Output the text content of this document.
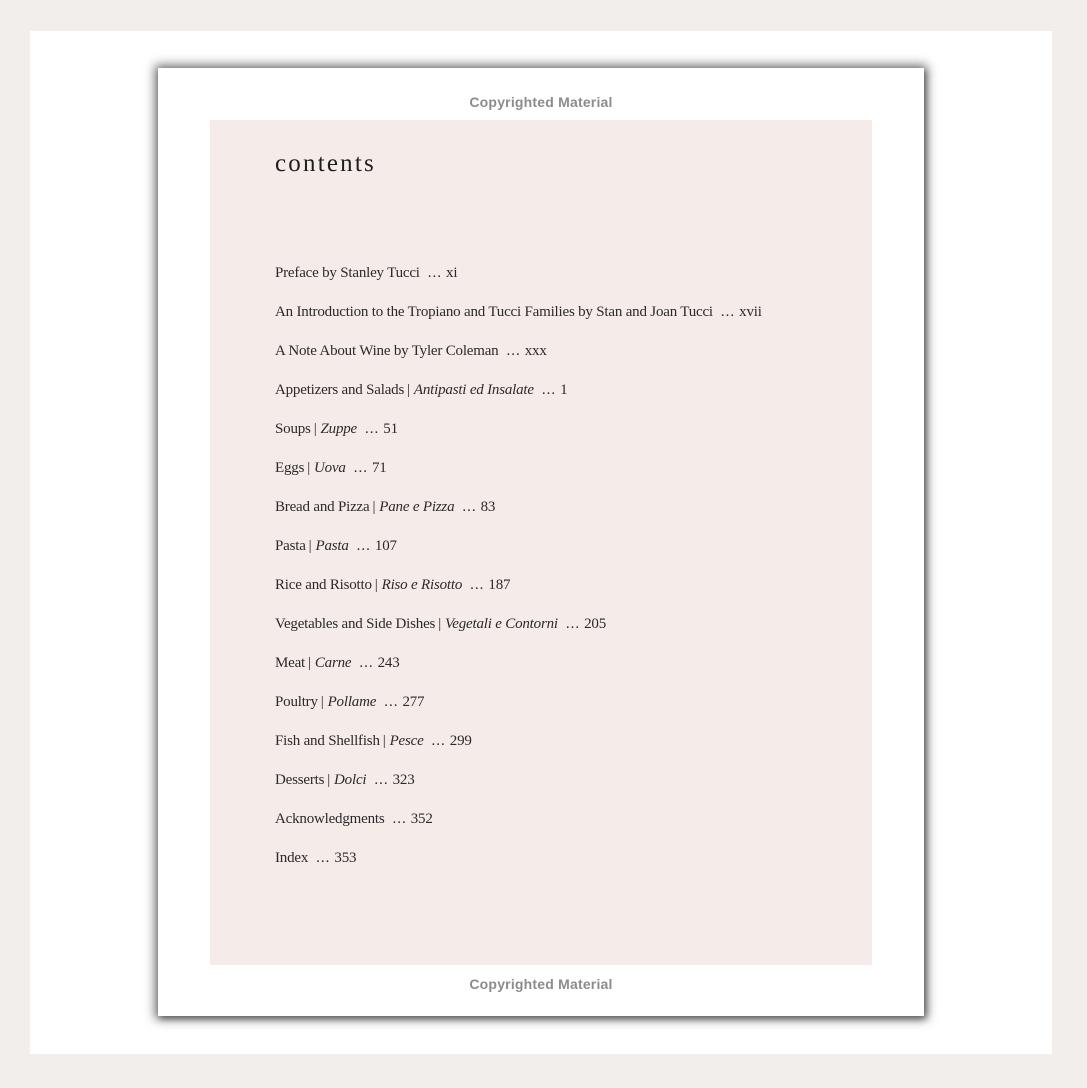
Copyrighted Material
contents
Preface by Stanley Tucci ... xi
An Introduction to the Tropiano and Tucci Families by Stan and Joan Tucci ... xvii
A Note About Wine by Tyler Coleman ... xxx
Appetizers and Salads | Antipasti ed Insalate ... 1
Soups | Zuppe ... 51
Eggs | Uova ... 71
Bread and Pizza | Pane e Pizza ... 83
Pasta | Pasta ... 107
Rice and Risotto | Riso e Risotto ... 187
Vegetables and Side Dishes | Vegetali e Contorni ... 205
Meat | Carne ... 243
Poultry | Pollame ... 277
Fish and Shellfish | Pesce ... 299
Desserts | Dolci ... 323
Acknowledgments ... 352
Index ... 353
Copyrighted Material
